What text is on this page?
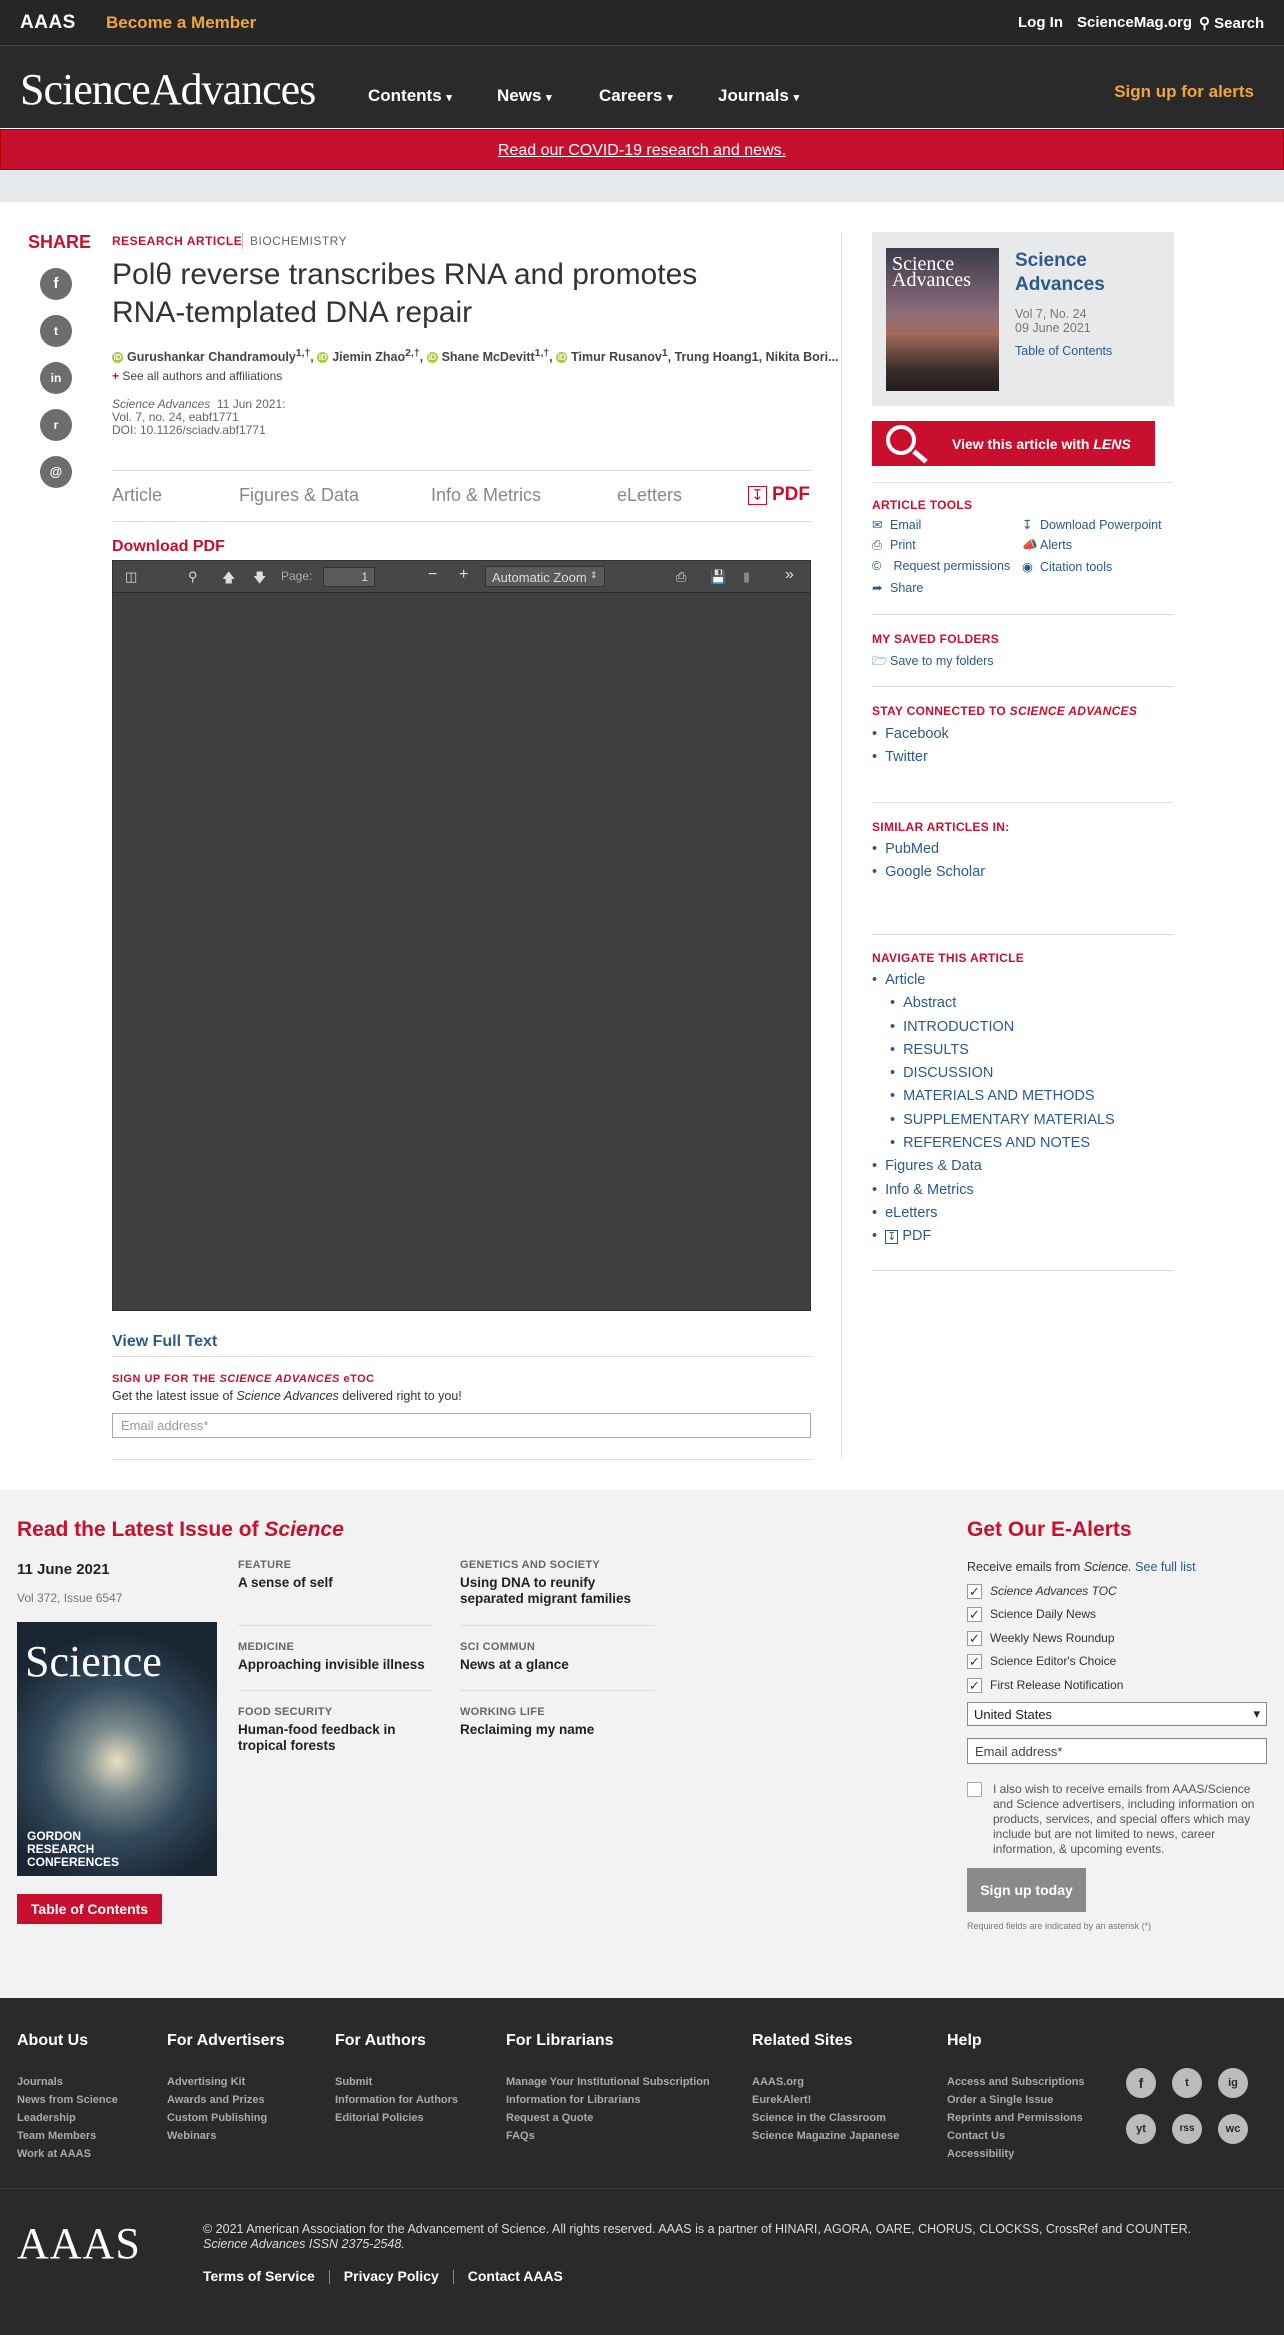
AAAS Become a Member	Log In ScienceMag.org ⚲ Search
ScienceAdvances	Contents ▾	News ▾	Careers ▾	Journals ▾	Sign up for alerts
Read our COVID-19 research and news.
SHARE
f
t
in
r
@
RESEARCH ARTICLE BIOCHEMISTRY
Polθ reverse transcribes RNA and promotes RNA-templated DNA repair
iD Gurushankar Chandramouly$^{1,\dagger}$, iD Jiemin Zhao$^{2,\dagger}$, iD Shane McDevitt$^{1,\dagger}$, iD Timur Rusanov$^1$, Trung Hoang1, Nikita Bori...
+ See all authors and affiliations
Science Advances 11 Jun 2021:
Vol. 7, no. 24, eabf1771
DOI: 10.1126/sciadv.abf1771
Article	Figures & Data	Info & Metrics	eLetters	↧ PDF
Download PDF
◫	⚲ 🡅 🡇 Page:	1	− +	Automatic Zoom ⇕	⎙ 💾 ▮ »
View Full Text
SIGN UP FOR THE SCIENCE ADVANCES eTOC
Get the latest issue of Science Advances delivered right to you!
Email address*
Science Advances
Science Advances
Vol 7, No. 24
09 June 2021
Table of Contents
View this article with LENS
ARTICLE TOOLS
✉ Email
⎙ Print
© Request permissions
➦ Share
↧ Download Powerpoint
📣 Alerts
◉ Citation tools
MY SAVED FOLDERS
🗁 Save to my folders
STAY CONNECTED TO SCIENCE ADVANCES
• Facebook
• Twitter
SIMILAR ARTICLES IN:
• PubMed
• Google Scholar
NAVIGATE THIS ARTICLE
• Article
• Abstract
• INTRODUCTION
• RESULTS
• DISCUSSION
• MATERIALS AND METHODS
• SUPPLEMENTARY MATERIALS
• REFERENCES AND NOTES
• Figures & Data
• Info & Metrics
• eLetters
• ↧ PDF
Read the Latest Issue of Science
11 June 2021
Vol 372, Issue 6547
Science
GORDON RESEARCH CONFERENCES
Table of Contents
FEATURE
A sense of self
GENETICS AND SOCIETY
Using DNA to reunify separated migrant families
MEDICINE
Approaching invisible illness
SCI COMMUN
News at a glance
FOOD SECURITY
Human-food feedback in tropical forests
WORKING LIFE
Reclaiming my name
Get Our E-Alerts
Receive emails from Science. See full list
✓ Science Advances TOC
✓ Science Daily News
✓ Weekly News Roundup
✓ Science Editor's Choice
✓ First Release Notification
United States ▾
Email address*

I also wish to receive emails from AAAS/Science and Science advertisers, including information on products, services, and special offers which may include but are not limited to news, career information, & upcoming events.

Sign up today
Required fields are indicated by an asterisk (*)
About Us
Journals
News from Science
Leadership
Team Members
Work at AAAS
For Advertisers
Advertising Kit
Awards and Prizes
Custom Publishing
Webinars
For Authors
Submit
Information for Authors
Editorial Policies
For Librarians
Manage Your Institutional Subscription
Information for Librarians
Request a Quote
FAQs
Related Sites
AAAS.org
EurekAlert!
Science in the Classroom
Science Magazine Japanese
Help
Access and Subscriptions
Order a Single Issue
Reprints and Permissions
Contact Us
Accessibility
f	t	ig
yt	rss	wc
AAAS	© 2021 American Association for the Advancement of Science. All rights reserved. AAAS is a partner of HINARI, AGORA, OARE, CHORUS, CLOCKSS, CrossRef and COUNTER.
Science Advances ISSN 2375-2548.
Terms of Service Privacy Policy Contact AAAS
